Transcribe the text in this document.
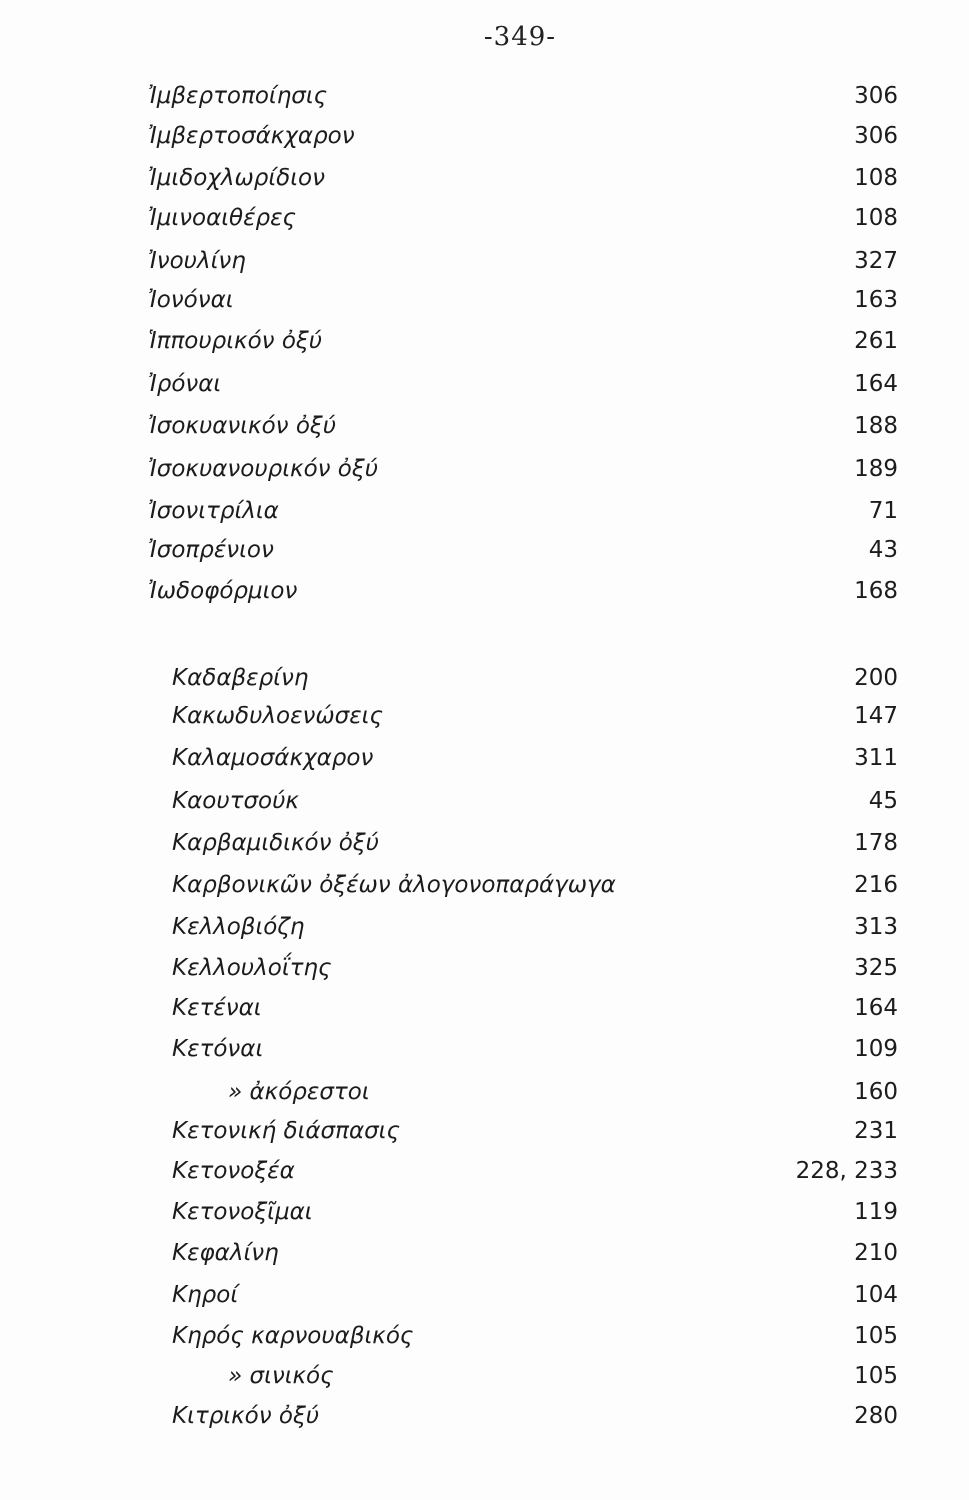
-349-
Ἰμβερτοποίησις	306
Ἰμβερτοσάκχαρον	306
Ἰμιδοχλωρίδιον	108
Ἰμινοαιθέρες	108
Ἰνουλίνη	327
Ἰονόναι	163
Ἱππουρικόν ὀξύ	261
Ἰρόναι	164
Ἰσοκυανικόν ὀξύ	188
Ἰσοκυανουρικόν ὀξύ	189
Ἰσονιτρίλια	71
Ἰσοπρένιον	43
Ἰωδοφόρμιον	168
Καδαβερίνη	200
Κακωδυλοενώσεις	147
Καλαμοσάκχαρον	311
Καουτσούκ	45
Καρβαμιδικόν ὀξύ	178
Καρβονικῶν ὀξέων ἀλογονοπαράγωγα	216
Κελλοβιόζη	313
Κελλουλοΐτης	325
Κετέναι	164
Κετόναι	109
» ἀκόρεστοι	160
Κετονική διάσπασις	231
Κετονοξέα	228, 233
Κετονοξῖμαι	119
Κεφαλίνη	210
Κηροί	104
Κηρός καρνουαβικός	105
» σινικός	105
Κιτρικόν ὀξύ	280
